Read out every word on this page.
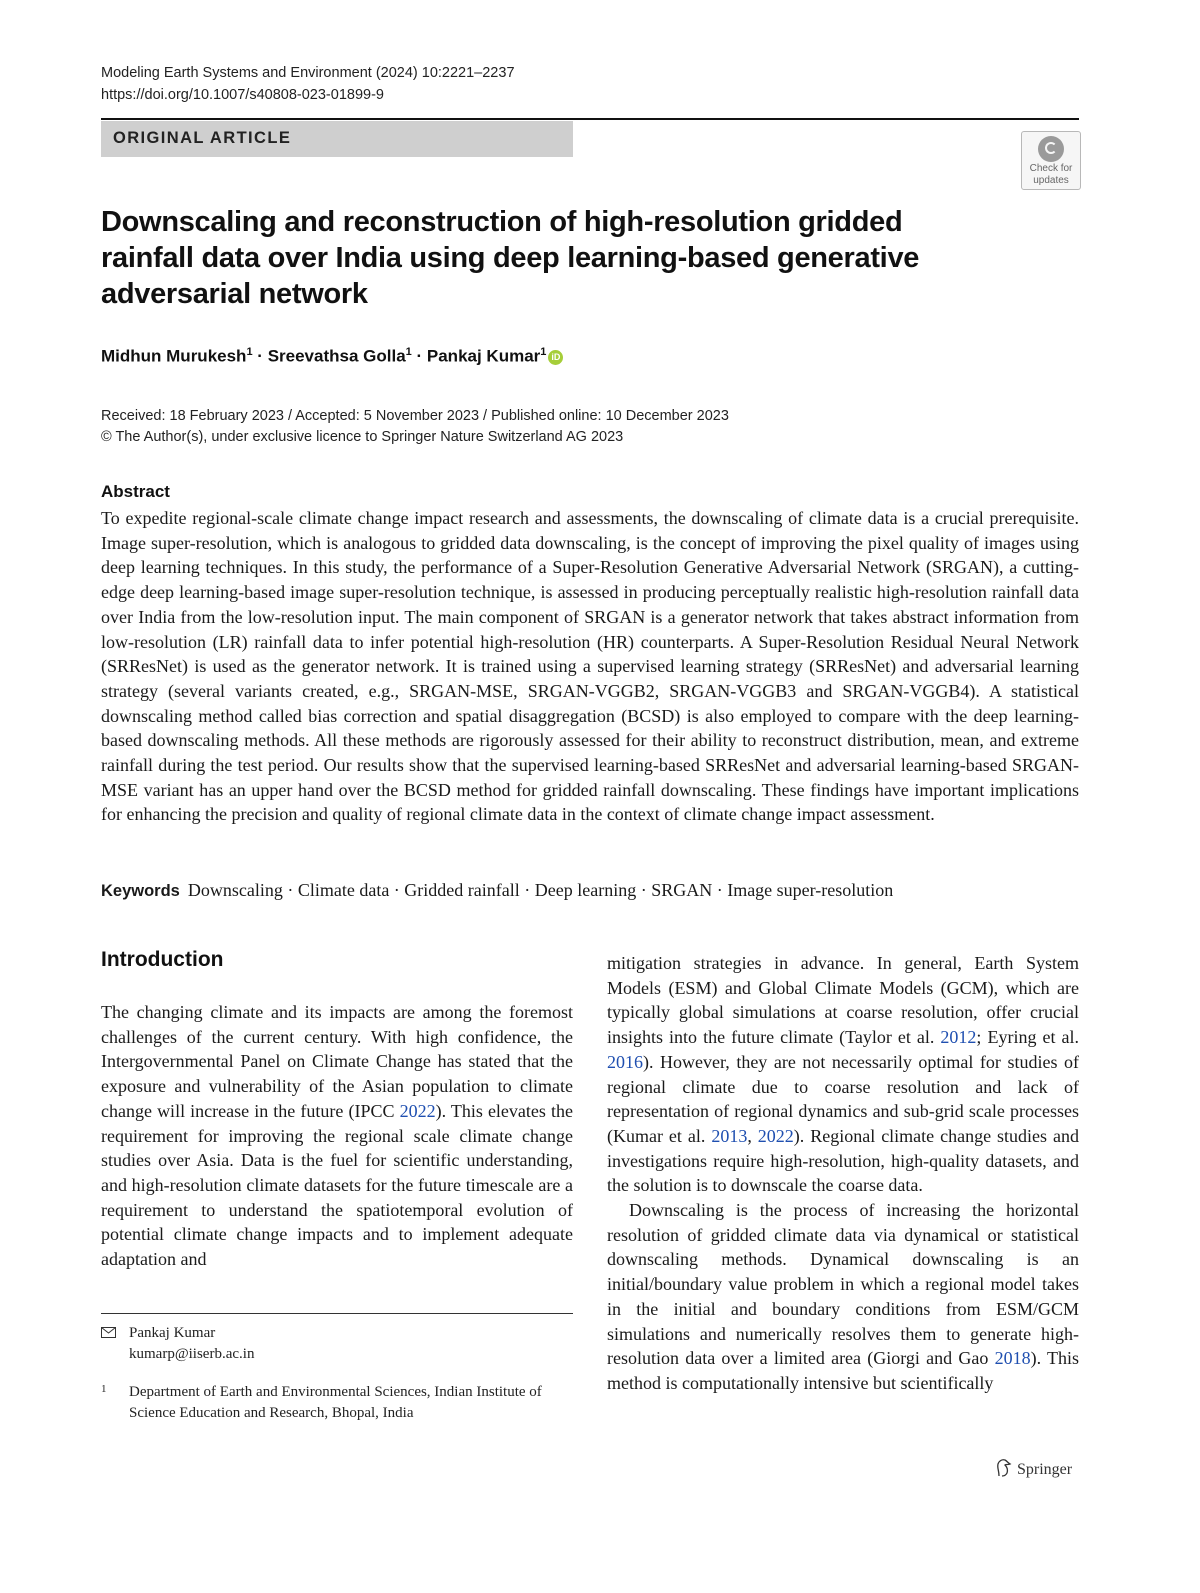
Modeling Earth Systems and Environment (2024) 10:2221–2237
https://doi.org/10.1007/s40808-023-01899-9
ORIGINAL ARTICLE
Check for
updates
Downscaling and reconstruction of high-resolution gridded rainfall data over India using deep learning-based generative adversarial network
Midhun Murukesh$^1$ · Sreevathsa Golla$^1$ · Pankaj Kumar$^1$ iD
Received: 18 February 2023 / Accepted: 5 November 2023 / Published online: 10 December 2023
© The Author(s), under exclusive licence to Springer Nature Switzerland AG 2023
Abstract

To expedite regional-scale climate change impact research and assessments, the downscaling of climate data is a crucial prerequisite. Image super-resolution, which is analogous to gridded data downscaling, is the concept of improving the pixel quality of images using deep learning techniques. In this study, the performance of a Super-Resolution Generative Adversarial Network (SRGAN), a cutting-edge deep learning-based image super-resolution technique, is assessed in producing perceptually realistic high-resolution rainfall data over India from the low-resolution input. The main component of SRGAN is a generator network that takes abstract information from low-resolution (LR) rainfall data to infer potential high-resolution (HR) counterparts. A Super-Resolution Residual Neural Network (SRResNet) is used as the generator network. It is trained using a supervised learning strategy (SRResNet) and adversarial learning strategy (several variants created, e.g., SRGAN-MSE, SRGAN-VGGB2, SRGAN-VGGB3 and SRGAN-VGGB4). A statistical downscaling method called bias correction and spatial disaggregation (BCSD) is also employed to compare with the deep learning-based downscaling methods. All these methods are rigorously assessed for their ability to reconstruct distribution, mean, and extreme rainfall during the test period. Our results show that the supervised learning-based SRResNet and adversarial learning-based SRGAN-MSE variant has an upper hand over the BCSD method for gridded rainfall downscaling. These findings have important implications for enhancing the precision and quality of regional climate data in the context of climate change impact assessment.

Keywords Downscaling · Climate data · Gridded rainfall · Deep learning · SRGAN · Image super-resolution
Introduction

The changing climate and its impacts are among the foremost challenges of the current century. With high confidence, the Intergovernmental Panel on Climate Change has stated that the exposure and vulnerability of the Asian population to climate change will increase in the future (IPCC 2022). This elevates the requirement for improving the regional scale climate change studies over Asia. Data is the fuel for scientific understanding, and high-resolution climate datasets for the future timescale are a requirement to understand the spatiotemporal evolution of potential climate change impacts and to implement adequate adaptation and

mitigation strategies in advance. In general, Earth System Models (ESM) and Global Climate Models (GCM), which are typically global simulations at coarse resolution, offer crucial insights into the future climate (Taylor et al. 2012; Eyring et al. 2016). However, they are not necessarily optimal for studies of regional climate due to coarse resolution and lack of representation of regional dynamics and sub-grid scale processes (Kumar et al. 2013, 2022). Regional climate change studies and investigations require high-resolution, high-quality datasets, and the solution is to downscale the coarse data.

Downscaling is the process of increasing the horizontal resolution of gridded climate data via dynamical or statistical downscaling methods. Dynamical downscaling is an initial/boundary value problem in which a regional model takes in the initial and boundary conditions from ESM/GCM simulations and numerically resolves them to generate high-resolution data over a limited area (Giorgi and Gao 2018). This method is computationally intensive but scientifically

Pankaj Kumar
kumarp@iiserb.ac.in
1 Department of Earth and Environmental Sciences, Indian Institute of Science Education and Research, Bhopal, India
Springer
